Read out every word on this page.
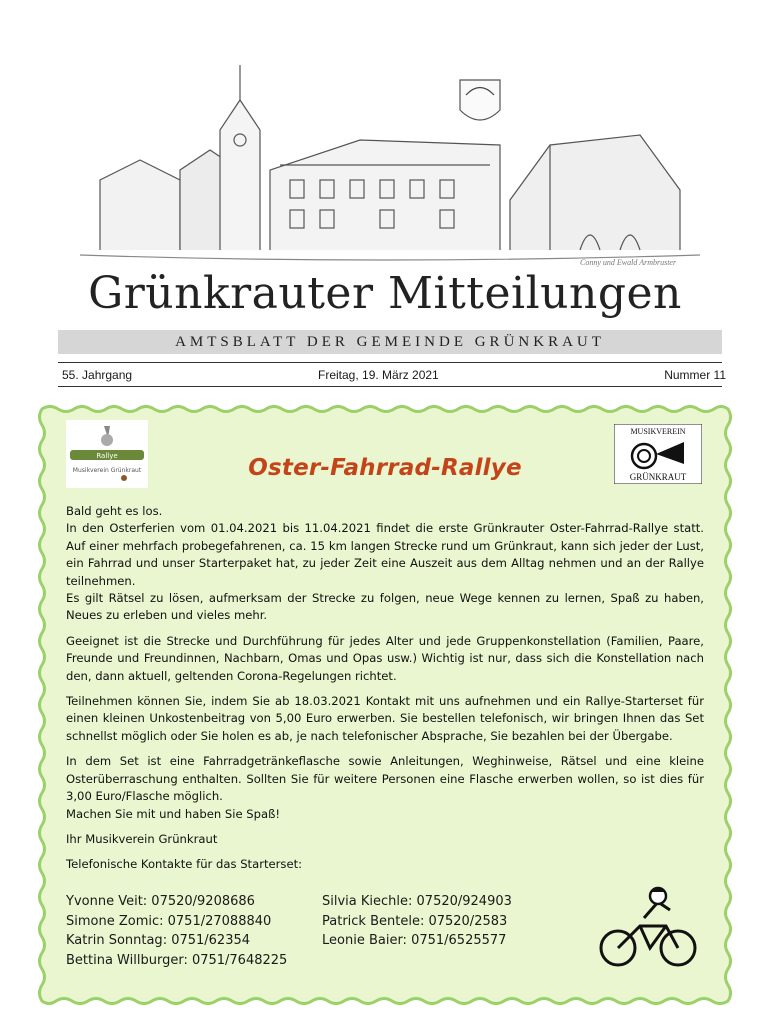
Conny und Ewald Armbruster
Grünkrauter Mitteilungen
AMTSBLATT DER GEMEINDE GRÜNKRAUT
55. Jahrgang	Freitag, 19. März 2021	Nummer 11
Rallye
Musikverein Grünkraut
MUSIKVEREIN
GRÜNKRAUT
Oster-Fahrrad-Rallye

Bald geht es los.
In den Osterferien vom 01.04.2021 bis 11.04.2021 findet die erste Grünkrauter Oster-Fahrrad-Rallye statt. Auf einer mehrfach probegefahrenen, ca. 15 km langen Strecke rund um Grünkraut, kann sich jeder der Lust, ein Fahrrad und unser Starterpaket hat, zu jeder Zeit eine Auszeit aus dem Alltag nehmen und an der Rallye teilnehmen.
Es gilt Rätsel zu lösen, aufmerksam der Strecke zu folgen, neue Wege kennen zu lernen, Spaß zu haben, Neues zu erleben und vieles mehr.

Geeignet ist die Strecke und Durchführung für jedes Alter und jede Gruppenkonstellation (Familien, Paare, Freunde und Freundinnen, Nachbarn, Omas und Opas usw.) Wichtig ist nur, dass sich die Konstellation nach den, dann aktuell, geltenden Corona-Regelungen richtet.

Teilnehmen können Sie, indem Sie ab 18.03.2021 Kontakt mit uns aufnehmen und ein Rallye-Starterset für einen kleinen Unkostenbeitrag von 5,00 Euro erwerben. Sie bestellen telefonisch, wir bringen Ihnen das Set schnellst möglich oder Sie holen es ab, je nach telefonischer Absprache, Sie bezahlen bei der Übergabe.

In dem Set ist eine Fahrradgetränkeflasche sowie Anleitungen, Weghinweise, Rätsel und eine kleine Osterüberraschung enthalten. Sollten Sie für weitere Personen eine Flasche erwerben wollen, so ist dies für 3,00 Euro/Flasche möglich.
Machen Sie mit und haben Sie Spaß!

Ihr Musikverein Grünkraut

Telefonische Kontakte für das Starterset:

Yvonne Veit: 07520/9208686
Simone Zomic: 0751/27088840
Katrin Sonntag: 0751/62354
Bettina Willburger: 0751/7648225
Silvia Kiechle: 07520/924903
Patrick Bentele: 07520/2583
Leonie Baier: 0751/6525577
